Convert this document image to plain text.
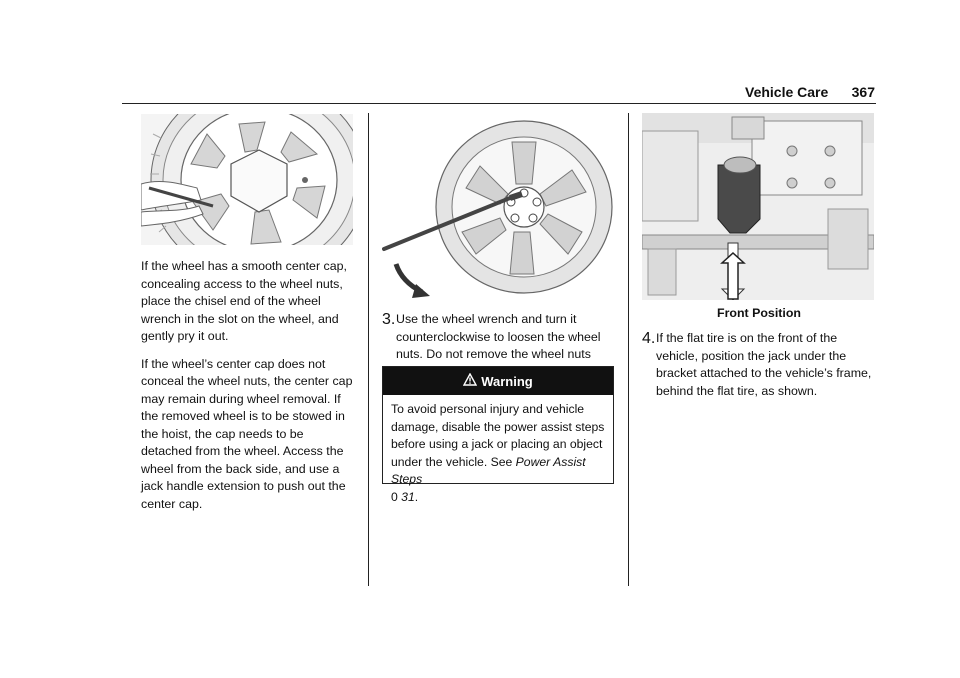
Vehicle Care 367

If the wheel has a smooth center cap, concealing access to the wheel nuts, place the chisel end of the wheel wrench in the slot on the wheel, and gently pry it out.

If the wheel’s center cap does not conceal the wheel nuts, the center cap may remain during wheel removal. If the removed wheel is to be stowed in the hoist, the cap needs to be detached from the wheel. Access the wheel from the back side, and use a jack handle extension to push out the center cap.

3. Use the wheel wrench and turn it counterclockwise to loosen the wheel nuts. Do not remove the wheel nuts

Warning
To avoid personal injury and vehicle damage, disable the power assist steps before using a jack or placing an object under the vehicle. See Power Assist Steps
0 31.
Front Position
4. If the flat tire is on the front of the vehicle, position the jack under the bracket attached to the vehicle’s frame, behind the flat tire, as shown.
